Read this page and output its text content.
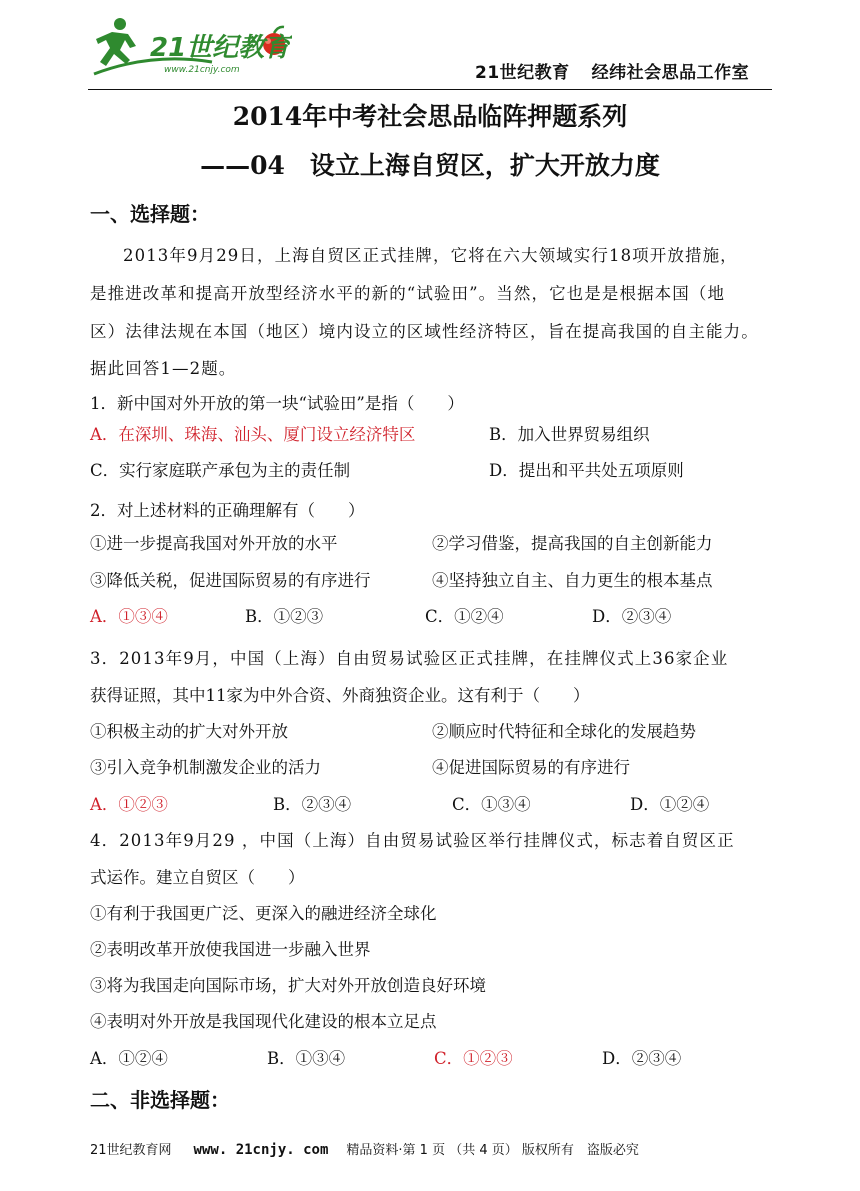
21世纪教育
www.21cnjy.com	21世纪教育 经纬社会思品工作室
2014年中考社会思品临阵押题系列
——04　设立上海自贸区，扩大开放力度
一、选择题：
2013年9月29日，上海自贸区正式挂牌，它将在六大领域实行18项开放措施，
是推进改革和提高开放型经济水平的新的“试验田”。当然，它也是是根据本国（地
区）法律法规在本国（地区）境内设立的区域性经济特区，旨在提高我国的自主能力。
据此回答1—2题。
1．新中国对外开放的第一块“试验田”是指（　　）
A．在深圳、珠海、汕头、厦门设立经济特区	B．加入世界贸易组织
C．实行家庭联产承包为主的责任制	D．提出和平共处五项原则
2．对上述材料的正确理解有（　　）
①进一步提高我国对外开放的水平	②学习借鉴，提高我国的自主创新能力
③降低关税，促进国际贸易的有序进行	④坚持独立自主、自力更生的根本基点
A．①③④	B．①②③	C．①②④	D．②③④
3．2013年9月，中国（上海）自由贸易试验区正式挂牌，在挂牌仪式上36家企业
获得证照，其中11家为中外合资、外商独资企业。这有利于（　　）
①积极主动的扩大对外开放	②顺应时代特征和全球化的发展趋势
③引入竞争机制激发企业的活力	④促进国际贸易的有序进行
A．①②③	B．②③④	C．①③④	D．①②④
4．2013年9月29 ，中国（上海）自由贸易试验区举行挂牌仪式，标志着自贸区正
式运作。建立自贸区（　　）
①有利于我国更广泛、更深入的融进经济全球化
②表明改革开放使我国进一步融入世界
③将为我国走向国际市场，扩大对外开放创造良好环境
④表明对外开放是我国现代化建设的根本立足点
A．①②④	B．①③④	C．①②③	D．②③④
二、非选择题：
21世纪教育网 www. 21cnjy. com 精品资料·第 1 页 （共 4 页） 版权所有　盗版必究
